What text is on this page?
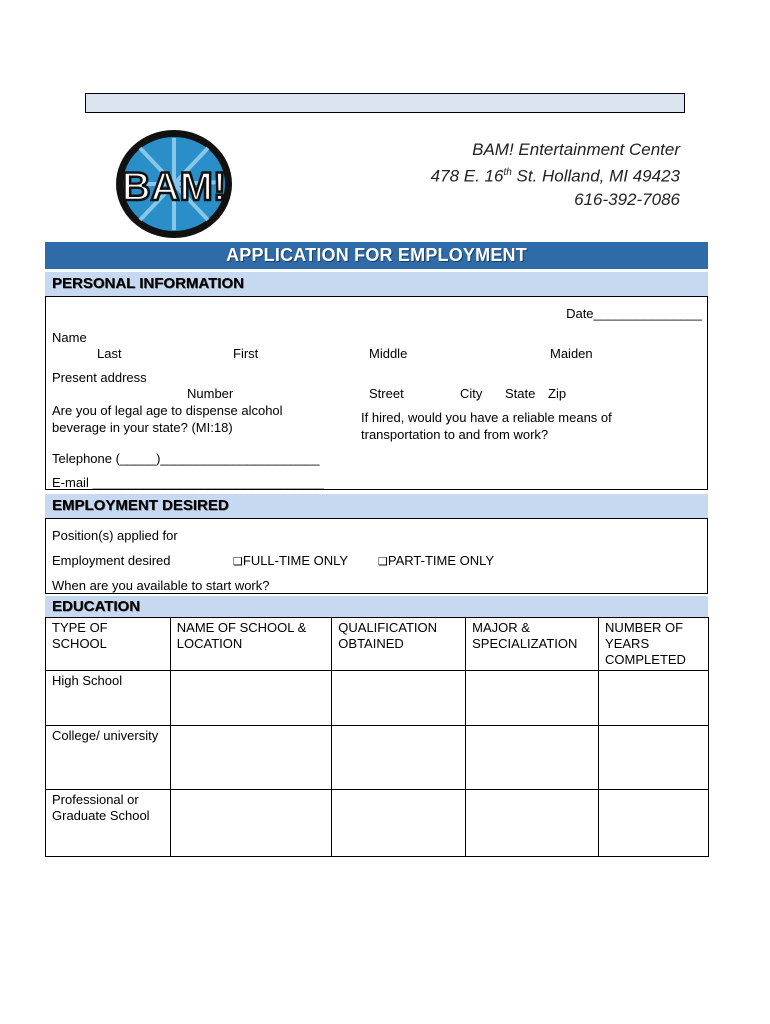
BAM!
BAM! Entertainment Center
478 E. 16th St. Holland, MI 49423
616-392-7086
APPLICATION FOR EMPLOYMENT
PERSONAL INFORMATION
Date_______________
Name
Last	First	Middle	Maiden
Present address
Number	Street	City State Zip
Are you of legal age to dispense alcohol
beverage in your state? (MI:18)
If hired, would you have a reliable means of
transportation to and from work?
Telephone (_____)______________________
E-mail ________________________________
EMPLOYMENT DESIRED
Position(s) applied for
Employment desired	❑FULL-TIME ONLY	❑PART-TIME ONLY
When are you available to start work?
EDUCATION
TYPE OF SCHOOL	NAME OF SCHOOL & LOCATION	QUALIFICATION OBTAINED	MAJOR & SPECIALIZATION	NUMBER OF YEARS COMPLETED
High School				
College/ university				
Professional or Graduate School				
